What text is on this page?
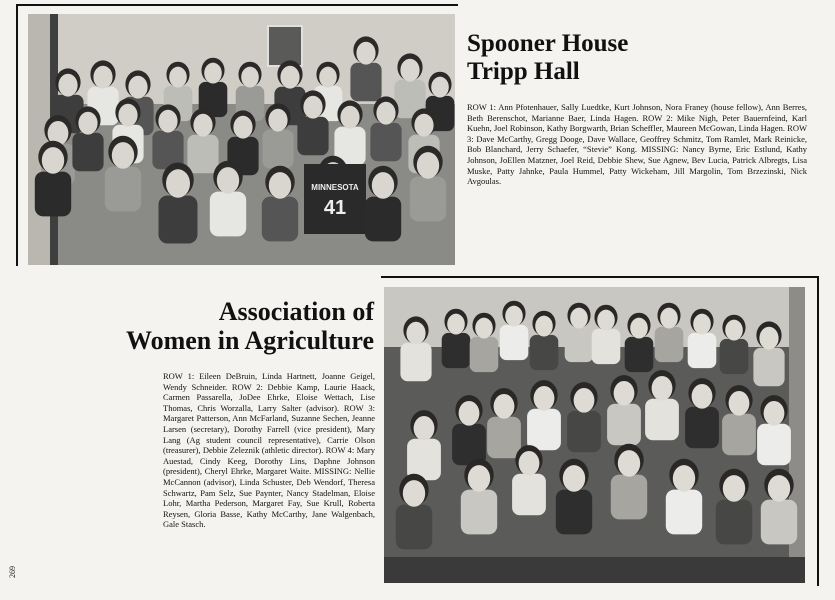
MINNESOTA
41
Spooner House
Tripp Hall

ROW 1: Ann Pfotenhauer, Sally Luedtke, Kurt Johnson, Nora Franey (house fellow), Ann Berres, Beth Berenschot, Marianne Baer, Linda Hagen. ROW 2: Mike Nigh, Peter Bauernfeind, Karl Kuehn, Joel Robinson, Kathy Borgwarth, Brian Scheffler, Maureen McGowan, Linda Hagen. ROW 3: Dave McCarthy, Gregg Dooge, Dave Wallace, Geoffrey Schmitz, Tom Ramlet, Mark Reinicke, Bob Blanchard, Jerry Schaefer, “Stevie” Kong. MISSING: Nancy Byrne, Eric Estlund, Kathy Johnson, JoEllen Matzner, Joel Reid, Debbie Shew, Sue Agnew, Bev Lucia, Patrick Albregts, Lisa Muske, Patty Jahnke, Paula Hummel, Patty Wickeham, Jill Margolin, Tom Brzezinski, Nick Avgoulas.

Association of
Women in Agriculture

ROW 1: Eileen DeBruin, Linda Hartnett, Joanne Geigel, Wendy Schneider. ROW 2: Debbie Kamp, Laurie Haack, Carmen Passarella, JoDee Ehrke, Eloise Wettach, Lise Thomas, Chris Worzalla, Larry Salter (advisor). ROW 3: Margaret Patterson, Ann McFarland, Suzanne Sechen, Jeanne Larsen (secretary), Dorothy Farrell (vice president), Mary Lang (Ag student council representative), Carrie Olson (treasurer), Debbie Zeleznik (athletic director). ROW 4: Mary Auestad, Cindy Keeg, Dorothy Lins, Daphne Johnson (president), Cheryl Ehrke, Margaret Waite. MISSING: Nellie McCannon (advisor), Linda Schuster, Deb Wendorf, Theresa Schwartz, Pam Selz, Sue Paynter, Nancy Stadelman, Eloise Lohr, Martha Pederson, Margaret Fay, Sue Krull, Roberta Reysen, Gloria Basse, Kathy McCarthy, Jane Walgenbach, Gale Stasch.

269
